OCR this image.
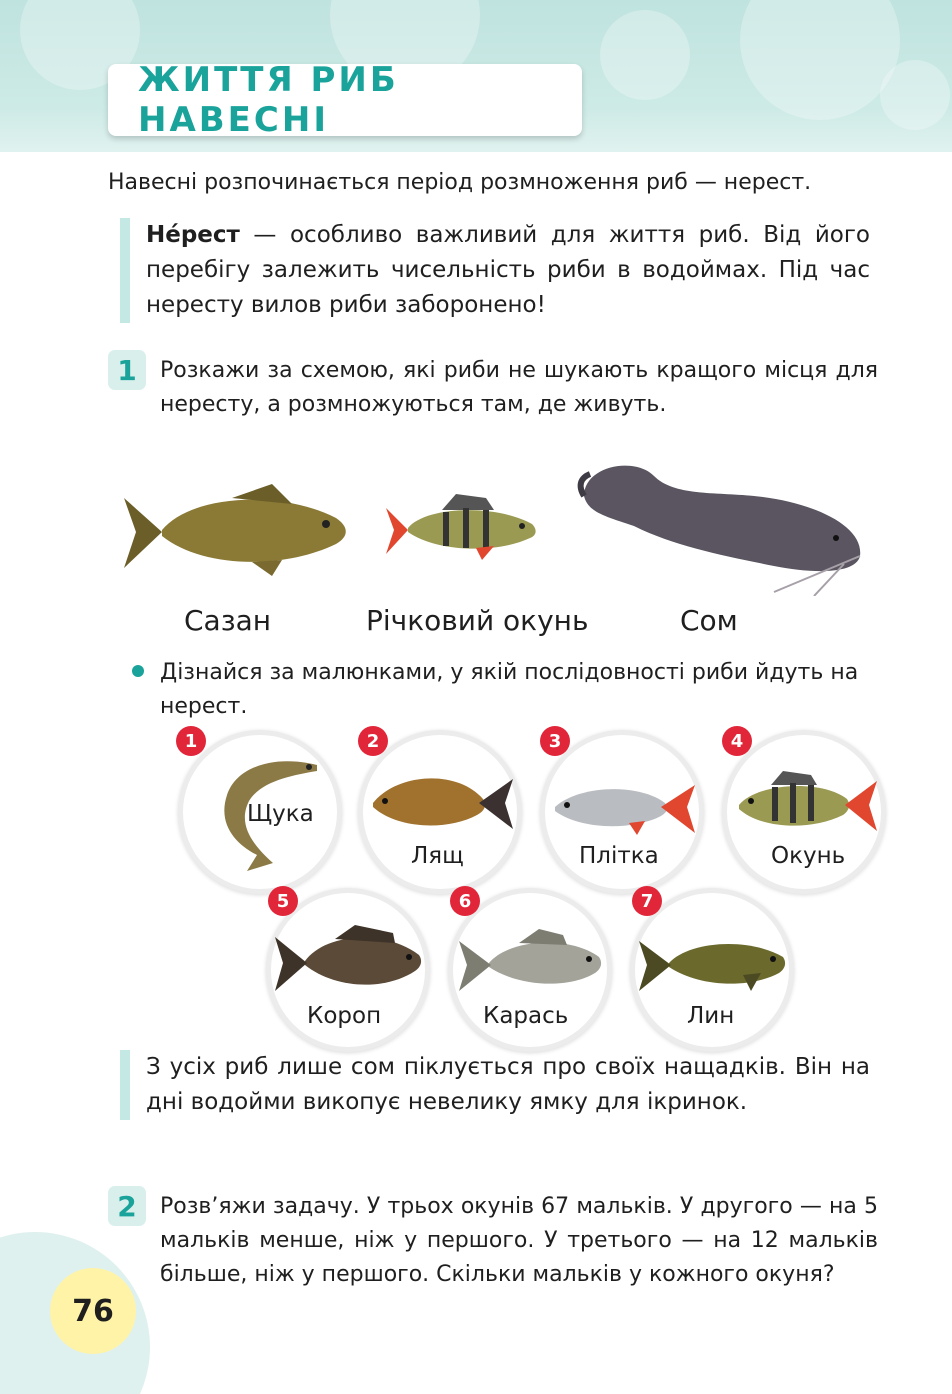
ЖИТТЯ РИБ НАВЕСНІ

Навесні розпочинається період розмноження риб — нерест.

Не́рест — особливо важливий для життя риб. Від його перебігу залежить чисельність риби в водоймах. Під час нересту вилов риби заборонено!
1	Розкажи за схемою, які риби не шукають кращого місця для нересту, а розмножуються там, де живуть.

Сазан	Річковий окунь	Сом

Дізнайся за малюнками, у якій послідовності риби йдуть на нерест.

Щука
1
Лящ
2
Плітка
3
Окунь
4
Короп
5
Карась
6
Лин
7
З усіх риб лише сом піклується про своїх нащадків. Він на дні водойми викопує невелику ямку для ікринок.
2	Розв’яжи задачу. У трьох окунів 67 мальків. У другого — на 5 мальків менше, ніж у першого. У третього — на 12 мальків більше, ніж у першого. Скільки мальків у кожного окуня?

76
